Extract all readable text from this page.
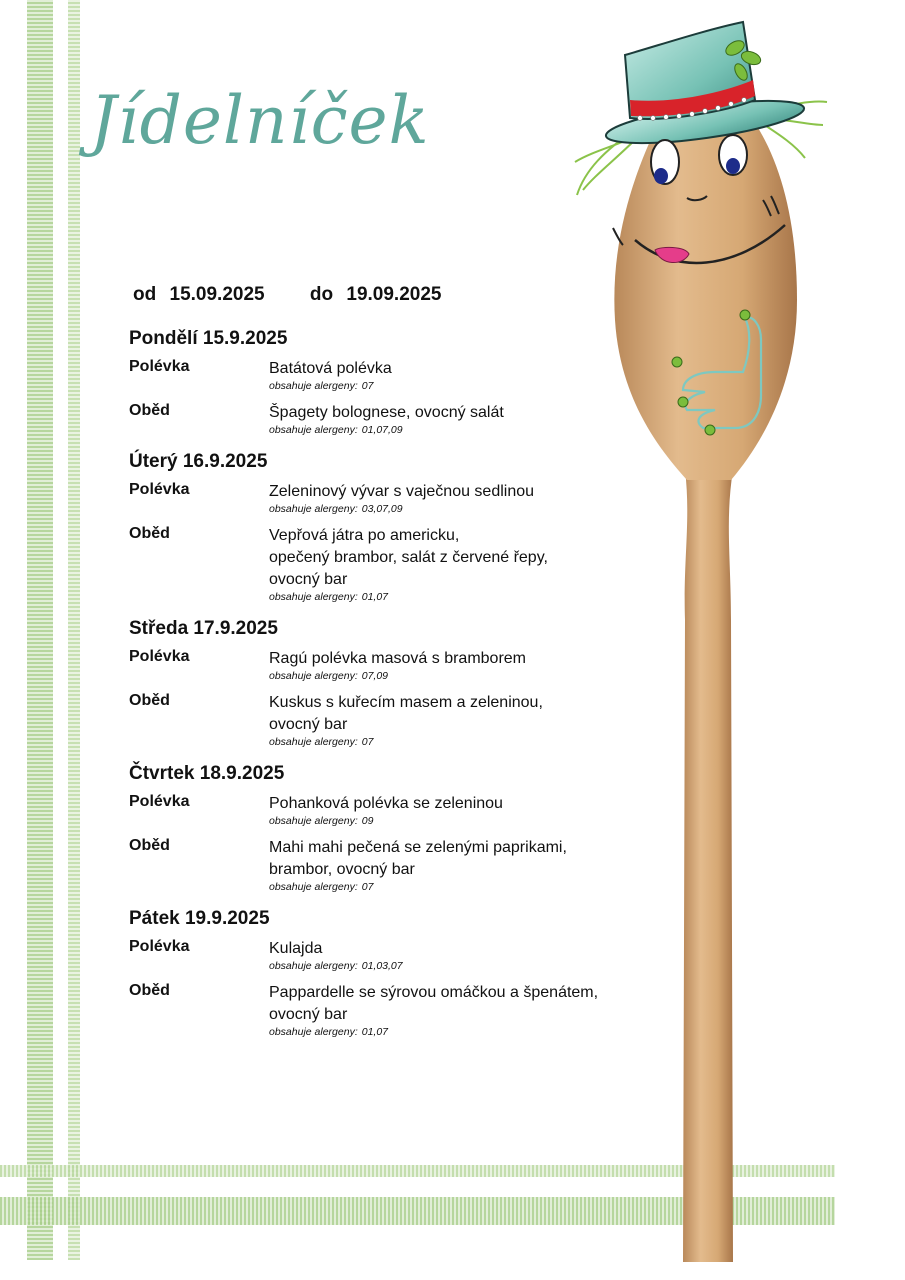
Jídelníček
od 15.09.2025 do 19.09.2025
Pondělí 15.9.2025
Polévka	Batátová polévka
obsahuje alergeny: 07
Oběd	Špagety bolognese, ovocný salát
obsahuje alergeny: 01,07,09
Úterý 16.9.2025
Polévka	Zeleninový vývar s vaječnou sedlinou
obsahuje alergeny: 03,07,09
Oběd	Vepřová játra po americku,
opečený brambor, salát z červené řepy,
ovocný bar
obsahuje alergeny: 01,07
Středa 17.9.2025
Polévka	Ragú polévka masová s bramborem
obsahuje alergeny: 07,09
Oběd	Kuskus s kuřecím masem a zeleninou,
ovocný bar
obsahuje alergeny: 07
Čtvrtek 18.9.2025
Polévka	Pohanková polévka se zeleninou
obsahuje alergeny: 09
Oběd	Mahi mahi pečená se zelenými paprikami,
brambor, ovocný bar
obsahuje alergeny: 07
Pátek 19.9.2025
Polévka	Kulajda
obsahuje alergeny: 01,03,07
Oběd	Pappardelle se sýrovou omáčkou a špenátem,
ovocný bar
obsahuje alergeny: 01,07
